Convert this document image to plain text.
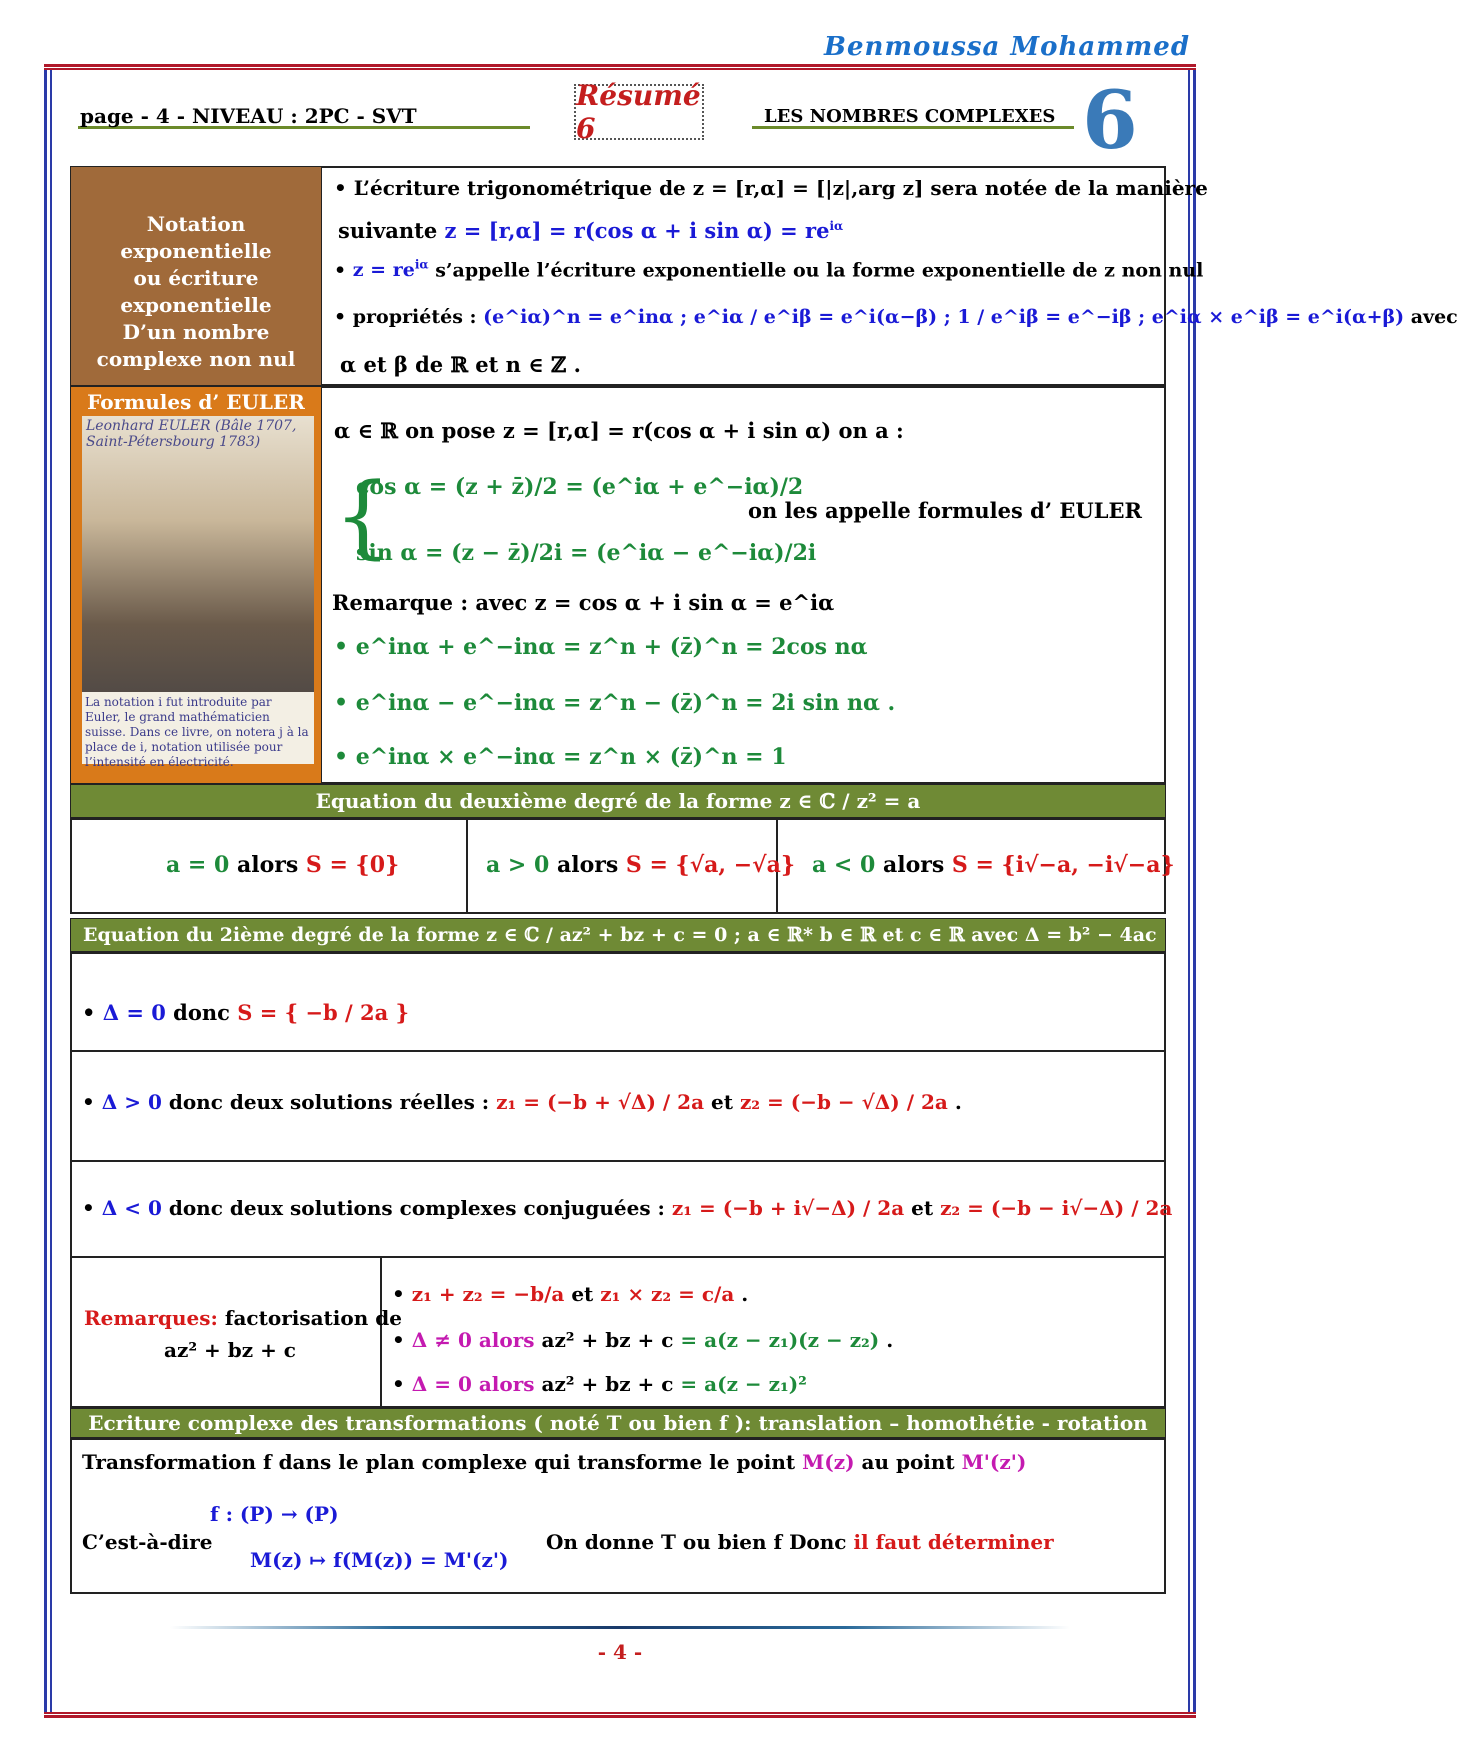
Benmoussa Mohammed
page - 4 - NIVEAU : 2PC - SVT
Résumé 6	LES NOMBRES COMPLEXES 6
Notation exponentielle
ou écriture
exponentielle
D’un nombre
complexe non nul
• L’écriture trigonométrique de z = [r,α] = [|z|,arg z] sera notée de la manière
suivante z = [r,α] = r(cos α + i $\sin \alpha) = re^{i\alpha}$
• $z = re^{i\alpha}$ s’appelle l’écriture exponentielle ou la forme exponentielle de z non nul
• propriétés : (e^iα)^n = e^inα ; e^iα / e^iβ = e^i(α−β) ; 1 / e^iβ = e^−iβ ; e^iα × e^iβ = e^i(α+β) avec
α et β de ℝ et n ∈ ℤ .
Formules d’ EULER
Leonhard EULER (Bâle 1707, Saint-Pétersbourg 1783)
La notation i fut introduite par Euler, le grand mathématicien suisse. Dans ce livre, on notera j à la place de i, notation utilisée pour l’intensité en électricité.
α ∈ ℝ on pose z = [r,α] = r(cos α + i sin α) on a :
cos α = (z + z̄)/2 = (e^iα + e^−iα)/2
sin α = (z − z̄)/2i = (e^iα − e^−iα)/2i
{	on les appelle formules d’ EULER
Remarque : avec z = cos α + i sin α = e^iα
• e^inα + e^−inα = z^n + (z̄)^n = 2cos nα
• e^inα − e^−inα = z^n − (z̄)^n = 2i sin nα .
• e^inα × e^−inα = z^n × (z̄)^n = 1
Equation du deuxième degré de la forme z ∈ ℂ / z² = a
a = 0 alors S = {0}	a > 0 alors S = {√a, −√a} a < 0 alors S = {i√−a, −i√−a}
Equation du 2ième degré de la forme z ∈ ℂ / az² + bz + c = 0 ; a ∈ ℝ* b ∈ ℝ et c ∈ ℝ avec Δ = b² − 4ac
• Δ = 0 donc S = { −b / 2a }
• Δ > 0 donc deux solutions réelles : z₁ = (−b + √Δ) / 2a et z₂ = (−b − √Δ) / 2a .
• Δ < 0 donc deux solutions complexes conjuguées : z₁ = (−b + i√−Δ) / 2a et z₂ = (−b − i√−Δ) / 2a
Remarques: factorisation de
az² + bz + c
• z₁ + z₂ = −b/a et z₁ × z₂ = c/a .
• Δ ≠ 0 alors az² + bz + c = a(z − z₁)(z − z₂) .
• Δ = 0 alors az² + bz + c = a(z − z₁)²
Ecriture complexe des transformations ( noté T ou bien f ): translation – homothétie - rotation
Transformation f dans le plan complexe qui transforme le point M(z) au point M'(z')
C’est-à-dire
f : (P) → (P)
M(z) ↦ f(M(z)) = M'(z')
On donne T ou bien f Donc il faut déterminer
- 4 -
